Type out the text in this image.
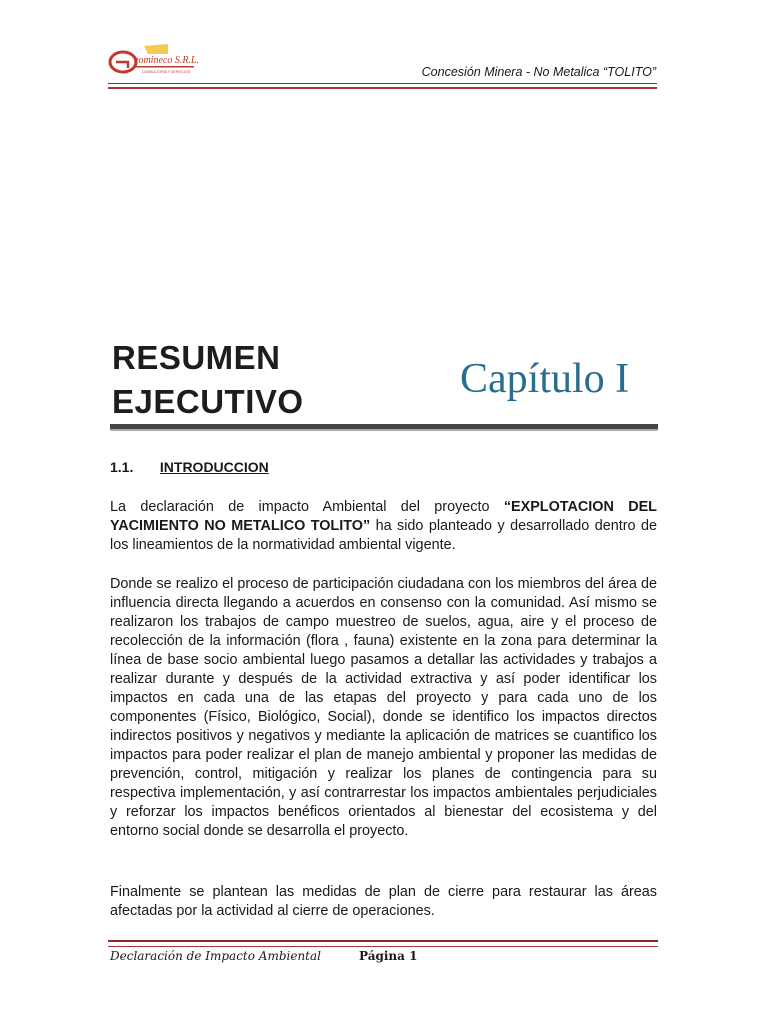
eomineco S.R.L.
CONSULTORIA Y SERVICIOS	Concesión Minera - No Metalica “TOLITO”
RESUMEN
EJECUTIVO	Capítulo I
1.1. INTRODUCCION

La declaración de impacto Ambiental del proyecto “EXPLOTACION DEL YACIMIENTO NO METALICO TOLITO” ha sido planteado y desarrollado dentro de los lineamientos de la normatividad ambiental vigente.

Donde se realizo el proceso de participación ciudadana con los miembros del área de influencia directa llegando a acuerdos en consenso con la comunidad. Así mismo se realizaron los trabajos de campo muestreo de suelos, agua, aire y el proceso de recolección de la información (flora , fauna) existente en la zona para determinar la línea de base socio ambiental luego pasamos a detallar las actividades y trabajos a realizar durante y después de la actividad extractiva y así poder identificar los impactos en cada una de las etapas del proyecto y para cada uno de los componentes (Físico, Biológico, Social), donde se identifico los impactos directos indirectos positivos y negativos y mediante la aplicación de matrices se cuantifico los impactos para poder realizar el plan de manejo ambiental y proponer las medidas de prevención, control, mitigación y realizar los planes de contingencia para su respectiva implementación, y así contrarrestar los impactos ambientales perjudiciales y reforzar los impactos benéficos orientados al bienestar del ecosistema y del entorno social donde se desarrolla el proyecto.

Finalmente se plantean las medidas de plan de cierre para restaurar las áreas afectadas por la actividad al cierre de operaciones.

Declaración de Impacto Ambiental	Página 1
